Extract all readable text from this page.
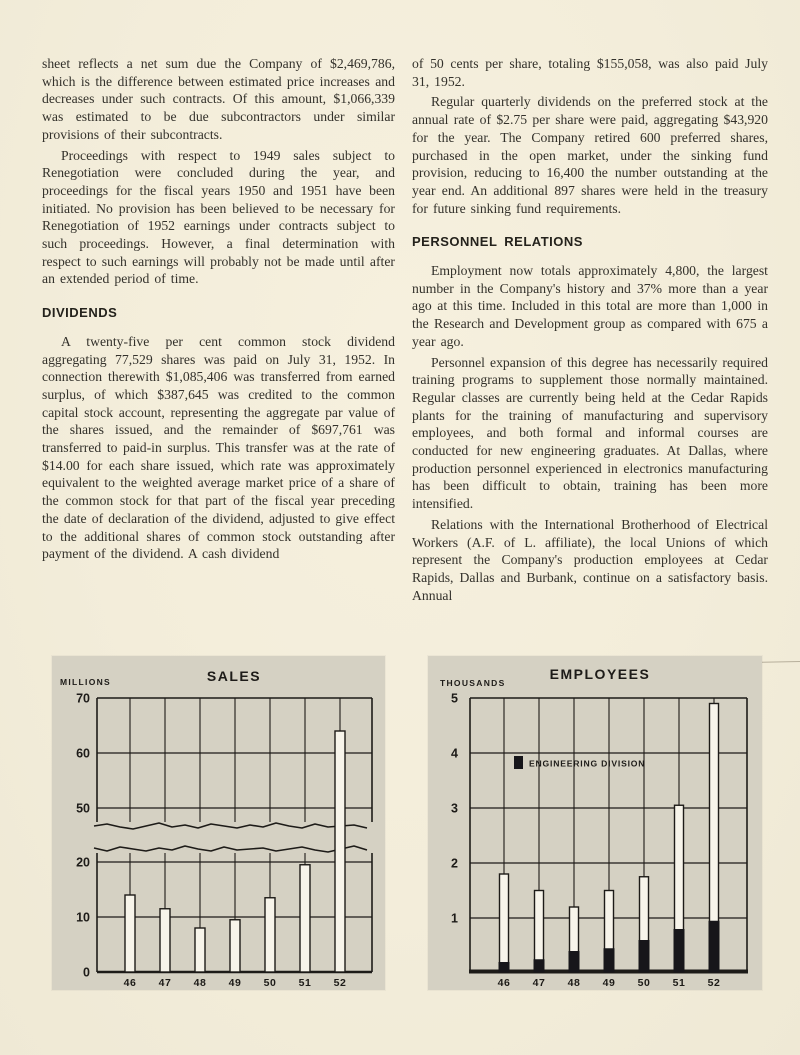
sheet reflects a net sum due the Company of $2,469,786, which is the difference between estimated price increases and decreases under such contracts. Of this amount, $1,066,339 was estimated to be due subcontractors under similar provisions of their subcontracts.

Proceedings with respect to 1949 sales subject to Renegotiation were concluded during the year, and proceedings for the fiscal years 1950 and 1951 have been initiated. No provision has been believed to be necessary for Renegotiation of 1952 earnings under contracts subject to such proceedings. However, a final determination with respect to such earnings will probably not be made until after an extended period of time.

DIVIDENDS

A twenty-five per cent common stock dividend aggregating 77,529 shares was paid on July 31, 1952. In connection therewith $1,085,406 was transferred from earned surplus, of which $387,645 was credited to the common capital stock account, representing the aggregate par value of the shares issued, and the remainder of $697,761 was transferred to paid-in surplus. This transfer was at the rate of $14.00 for each share issued, which rate was approximately equivalent to the weighted average market price of a share of the common stock for that part of the fiscal year preceding the date of declaration of the dividend, adjusted to give effect to the additional shares of common stock outstanding after payment of the dividend. A cash dividend

of 50 cents per share, totaling $155,058, was also paid July 31, 1952.

Regular quarterly dividends on the preferred stock at the annual rate of $2.75 per share were paid, aggregating $43,920 for the year. The Company retired 600 preferred shares, purchased in the open market, under the sinking fund provision, reducing to 16,400 the number outstanding at the year end. An additional 897 shares were held in the treasury for future sinking fund requirements.

PERSONNEL RELATIONS

Employment now totals approximately 4,800, the largest number in the Company's history and 37% more than a year ago at this time. Included in this total are more than 1,000 in the Research and Development group as compared with 675 a year ago.

Personnel expansion of this degree has necessarily required training programs to supplement those normally maintained. Regular classes are currently being held at the Cedar Rapids plants for the training of manufacturing and supervisory employees, and both formal and informal courses are conducted for new engineering graduates. At Dallas, where production personnel experienced in electronics manufacturing has been difficult to obtain, training has been more intensified.

Relations with the International Brotherhood of Electrical Workers (A.F. of L. affiliate), the local Unions of which represent the Company's production employees at Cedar Rapids, Dallas and Burbank, continue on a satisfactory basis. Annual

70
60
50
20
10
0
46 47 48 49 50 51 52
SALES
MILLIONS
ENGINEERING DIVISION
5
4
3
2
1
46 47 48 49 50 51 52
EMPLOYEES
THOUSANDS
